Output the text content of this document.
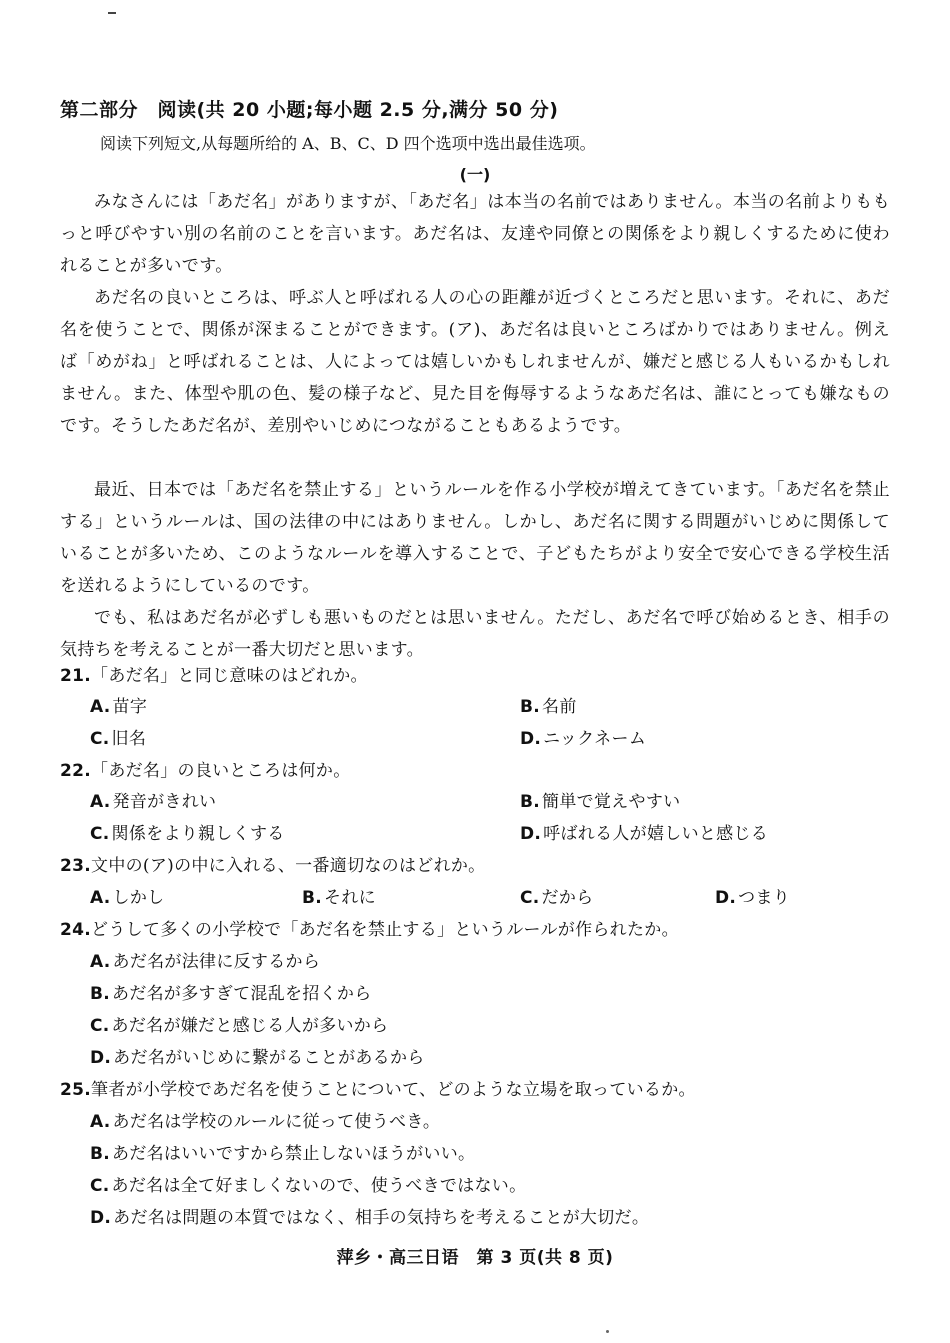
第二部分　阅读(共 20 小题;每小题 2.5 分,满分 50 分)
阅读下列短文,从每题所给的 A、B、C、D 四个选项中选出最佳选项。
(一)

みなさんには「あだ名」がありますが、「あだ名」は本当の名前ではありません。本当の名前よりももっと呼びやすい別の名前のことを言います。あだ名は、友達や同僚との関係をより親しくするために使われることが多いです。

あだ名の良いところは、呼ぶ人と呼ばれる人の心の距離が近づくところだと思います。それに、あだ名を使うことで、関係が深まることができます。(ア)、あだ名は良いところばかりではありません。例えば「めがね」と呼ばれることは、人によっては嬉しいかもしれませんが、嫌だと感じる人もいるかもしれません。また、体型や肌の色、髪の様子など、見た目を侮辱するようなあだ名は、誰にとっても嫌なものです。そうしたあだ名が、差別やいじめにつながることもあるようです。

最近、日本では「あだ名を禁止する」というルールを作る小学校が増えてきています。「あだ名を禁止する」というルールは、国の法律の中にはありません。しかし、あだ名に関する問題がいじめに関係していることが多いため、このようなルールを導入することで、子どもたちがより安全で安心できる学校生活を送れるようにしているのです。

でも、私はあだ名が必ずしも悪いものだとは思いません。ただし、あだ名で呼び始めるとき、相手の気持ちを考えることが一番大切だと思います。

21.「あだ名」と同じ意味のはどれか。
A. 苗字	B. 名前
C. 旧名	D. ニックネーム
22.「あだ名」の良いところは何か。
A. 発音がきれい	B. 簡単で覚えやすい
C. 関係をより親しくする	D. 呼ばれる人が嬉しいと感じる
23.文中の(ア)の中に入れる、一番適切なのはどれか。
A. しかし	B. それに	C. だから	D. つまり
24.どうして多くの小学校で「あだ名を禁止する」というルールが作られたか。
A. あだ名が法律に反するから
B. あだ名が多すぎて混乱を招くから
C. あだ名が嫌だと感じる人が多いから
D. あだ名がいじめに繋がることがあるから
25.筆者が小学校であだ名を使うことについて、どのような立場を取っているか。
A. あだ名は学校のルールに従って使うべき。
B. あだ名はいいですから禁止しないほうがいい。
C. あだ名は全て好ましくないので、使うべきではない。
D. あだ名は問題の本質ではなく、相手の気持ちを考えることが大切だ。
萍乡・高三日语　第 3 页(共 8 页)
